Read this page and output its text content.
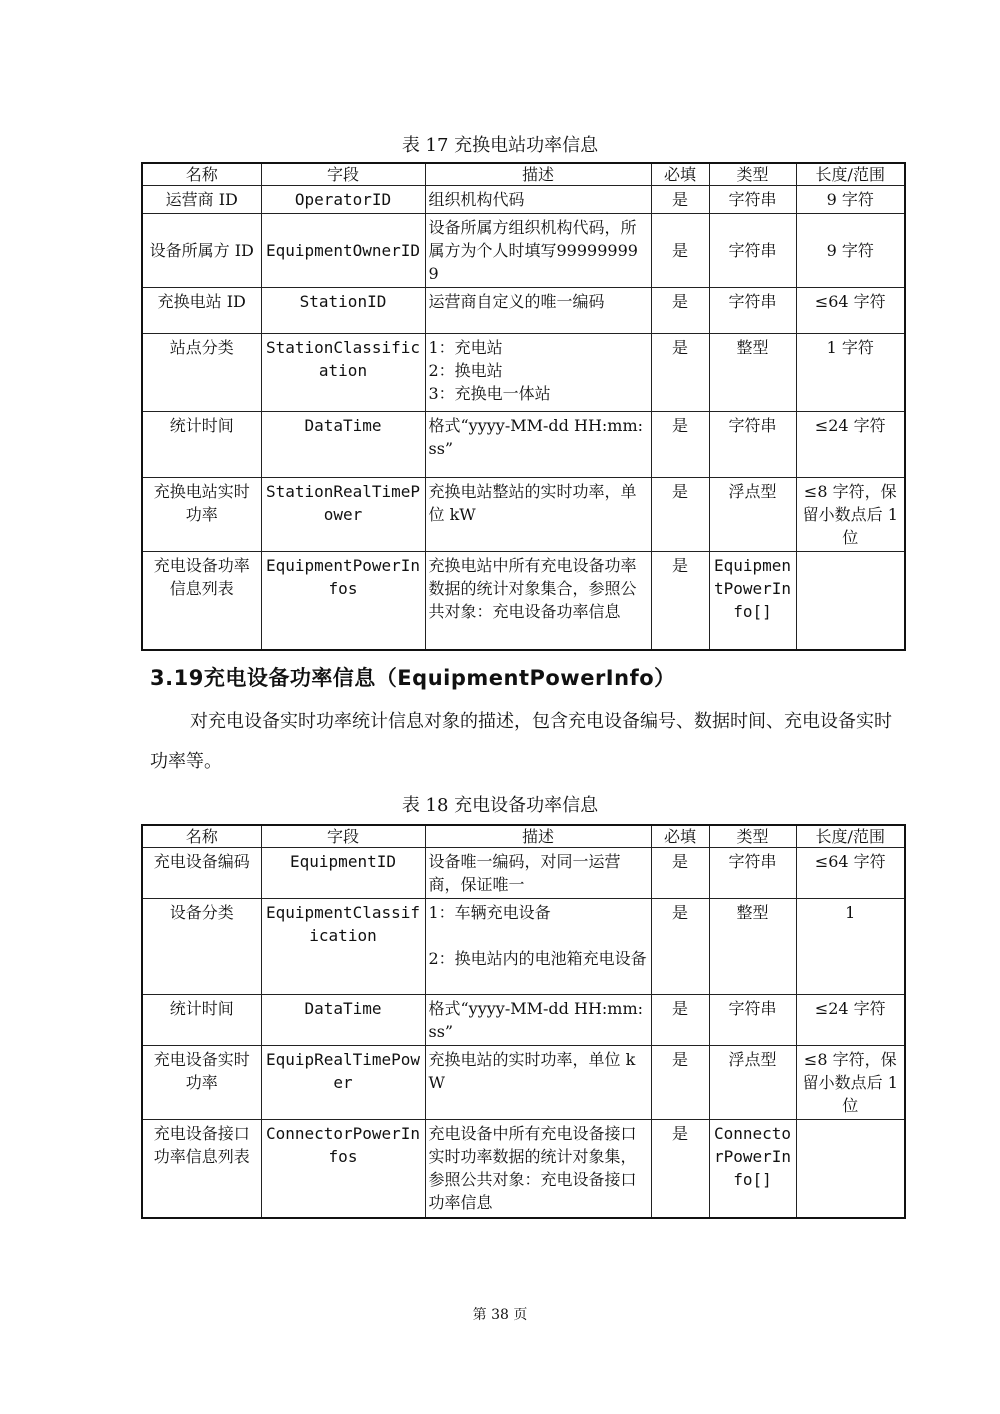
表 17 充换电站功率信息
名称	字段	描述	必填	类型	长度/范围
运营商 ID	OperatorID	组织机构代码	是	字符串	9 字符
设备所属方 ID	EquipmentOwnerID	设备所属方组织机构代码，所属方为个人时填写999999999	是	字符串	9 字符
充换电站 ID	StationID	运营商自定义的唯一编码	是	字符串	≤64 字符
站点分类	StationClassification	1：充电站
2：换电站
3：充换电一体站	是	整型	1 字符
统计时间	DataTime	格式“yyyy-MM-dd HH:mm:ss”	是	字符串	≤24 字符
充换电站实时功率	StationRealTimePower	充换电站整站的实时功率，单位 kW	是	浮点型	≤8 字符，保留小数点后 1 位
充电设备功率信息列表	EquipmentPowerInfos	充换电站中所有充电设备功率数据的统计对象集合，参照公共对象：充电设备功率信息	是	EquipmentPowerInfo[]	
3.19充电设备功率信息（EquipmentPowerInfo）
对充电设备实时功率统计信息对象的描述，包含充电设备编号、数据时间、充电设备实时功率等。
表 18 充电设备功率信息
名称	字段	描述	必填	类型	长度/范围
充电设备编码	EquipmentID	设备唯一编码，对同一运营商，保证唯一	是	字符串	≤64 字符
设备分类	EquipmentClassification	1：车辆充电设备

2：换电站内的电池箱充电设备	是	整型	1
统计时间	DataTime	格式“yyyy-MM-dd HH:mm:ss”	是	字符串	≤24 字符
充电设备实时功率	EquipRealTimePower	充换电站的实时功率，单位 kW	是	浮点型	≤8 字符，保留小数点后 1 位
充电设备接口功率信息列表	ConnectorPowerInfos	充电设备中所有充电设备接口实时功率数据的统计对象集，参照公共对象：充电设备接口功率信息	是	ConnectorPowerInfo[]	
第 38 页
